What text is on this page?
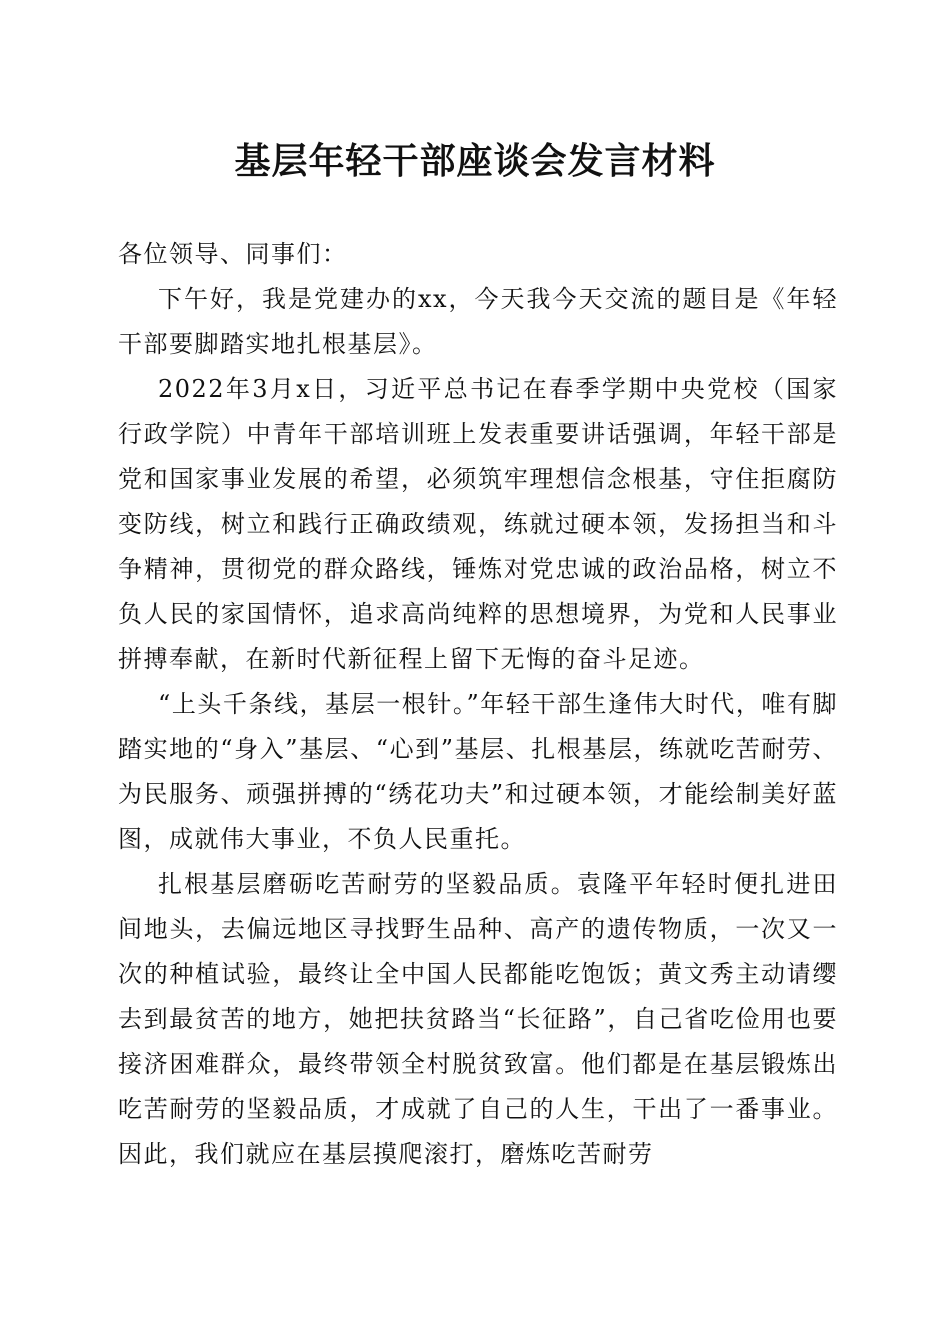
基层年轻干部座谈会发言材料

各位领导、同事们：

下午好，我是党建办的xx，今天我今天交流的题目是《年轻干部要脚踏实地扎根基层》。

2022年3月x日，习近平总书记在春季学期中央党校（国家行政学院）中青年干部培训班上发表重要讲话强调，年轻干部是党和国家事业发展的希望，必须筑牢理想信念根基，守住拒腐防变防线，树立和践行正确政绩观，练就过硬本领，发扬担当和斗争精神，贯彻党的群众路线，锤炼对党忠诚的政治品格，树立不负人民的家国情怀，追求高尚纯粹的思想境界，为党和人民事业拼搏奉献，在新时代新征程上留下无悔的奋斗足迹。

“上头千条线，基层一根针。”年轻干部生逢伟大时代，唯有脚踏实地的“身入”基层、“心到”基层、扎根基层，练就吃苦耐劳、为民服务、顽强拼搏的“绣花功夫”和过硬本领，才能绘制美好蓝图，成就伟大事业，不负人民重托。

扎根基层磨砺吃苦耐劳的坚毅品质。袁隆平年轻时便扎进田间地头，去偏远地区寻找野生品种、高产的遗传物质，一次又一次的种植试验，最终让全中国人民都能吃饱饭；黄文秀主动请缨去到最贫苦的地方，她把扶贫路当“长征路”，自己省吃俭用也要接济困难群众，最终带领全村脱贫致富。他们都是在基层锻炼出吃苦耐劳的坚毅品质，才成就了自己的人生，干出了一番事业。因此，我们就应在基层摸爬滚打，磨炼吃苦耐劳
